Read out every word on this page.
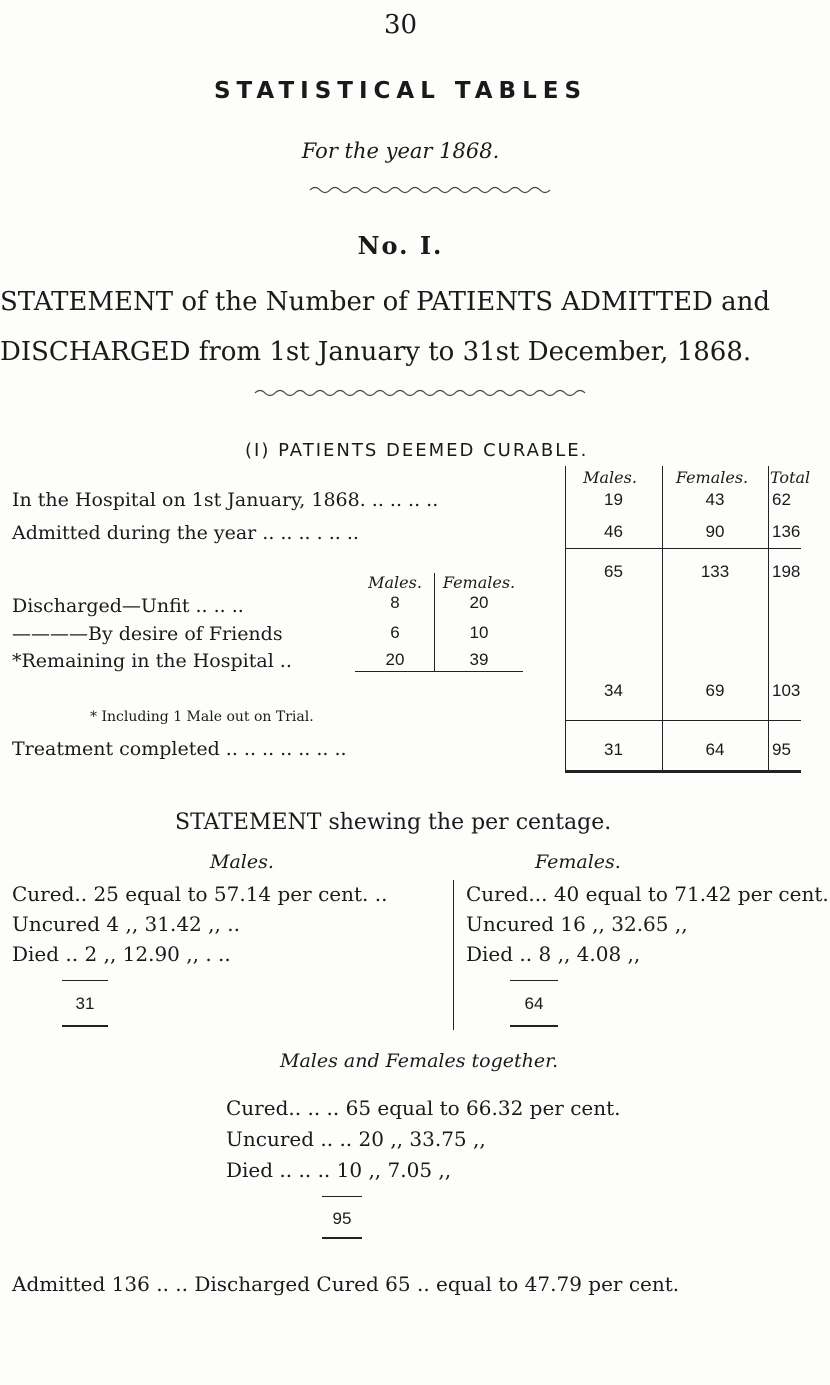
30
STATISTICAL TABLES
For the year 1868.
No. I.
STATEMENT of the Number of PATIENTS ADMITTED and
DISCHARGED from 1st January to 31st December, 1868.
(I) PATIENTS DEEMED CURABLE.
Males.	Females.	Total
In the Hospital on 1st January, 1868. .. .. .. ..	19	43	62
Admitted during the year .. .. .. . .. ..	46	90	136
65	133	198
Males.	Females.
Discharged—Unfit .. .. ..	8	20
————By desire of Friends	6	10
*Remaining in the Hospital ..	20	39
34	69	103
* Including 1 Male out on Trial.
Treatment completed .. .. .. .. .. .. ..	31	64	95
STATEMENT shewing the per centage.
Males.	Females.
Cured.. 25 equal to 57.14 per cent. ..
Uncured 4 ,, 31.42 ,, ..
Died .. 2 ,, 12.90 ,, . ..
31
Cured... 40 equal to 71.42 per cent.
Uncured 16 ,, 32.65 ,,
Died .. 8 ,, 4.08 ,,
64
Males and Females together.
Cured.. .. .. 65 equal to 66.32 per cent.
Uncured .. .. 20 ,, 33.75 ,,
Died .. .. .. 10 ,, 7.05 ,,
95
Admitted 136 .. .. Discharged Cured 65 .. equal to 47.79 per cent.
